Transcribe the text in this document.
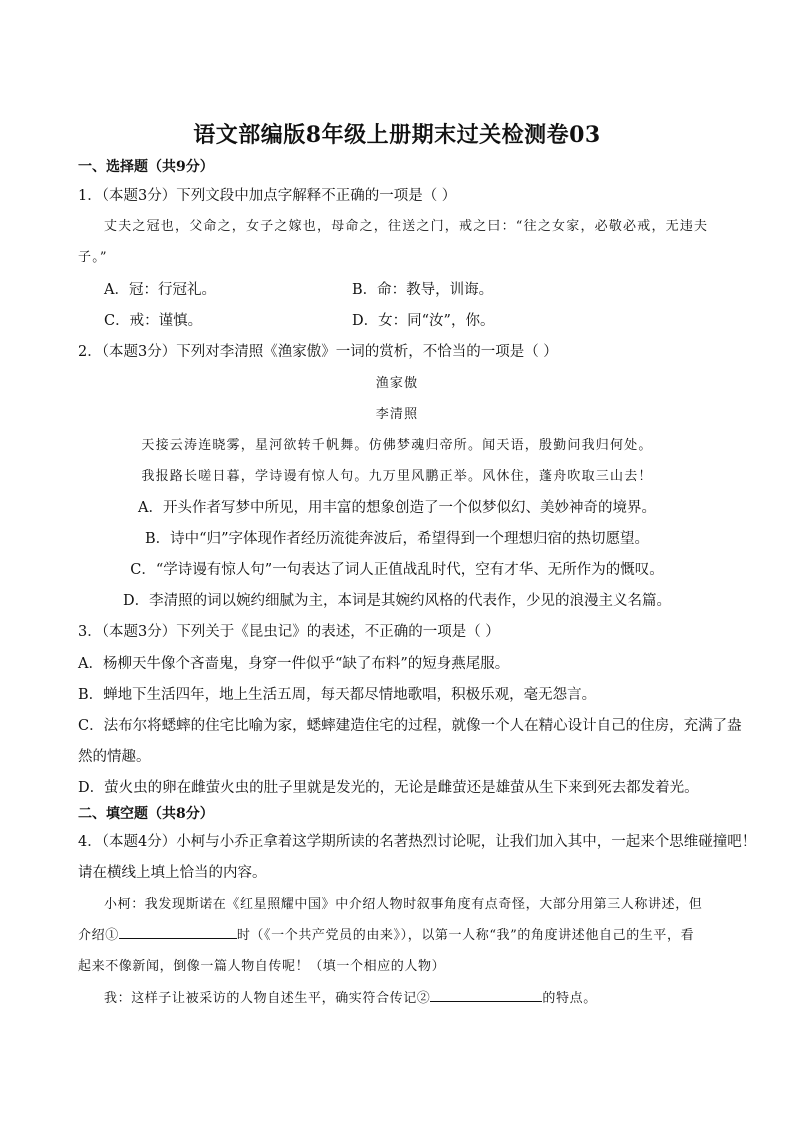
语文部编版8年级上册期末过关检测卷03
一、选择题（共9分）
1．（本题3分）下列文段中加点字解释不正确的一项是（ ）
丈夫之冠也，父命之，女子之嫁也，母命之，往送之门，戒之曰：“往之女家，必敬必戒，无违夫
子。”
A．冠：行冠礼。	B．命：教导，训诲。
C．戒：谨慎。	D．女：同“汝”，你。
2．（本题3分）下列对李清照《渔家傲》一词的赏析，不恰当的一项是（ ）
渔家傲
李清照
天接云涛连晓雾，星河欲转千帆舞。仿佛梦魂归帝所。闻天语，殷勤问我归何处。
我报路长嗟日暮，学诗谩有惊人句。九万里风鹏正举。风休住，蓬舟吹取三山去！
A．开头作者写梦中所见，用丰富的想象创造了一个似梦似幻、美妙神奇的境界。
B．诗中“归”字体现作者经历流徙奔波后，希望得到一个理想归宿的热切愿望。
C．“学诗谩有惊人句”一句表达了词人正值战乱时代，空有才华、无所作为的慨叹。
D．李清照的词以婉约细腻为主，本词是其婉约风格的代表作，少见的浪漫主义名篇。
3．（本题3分）下列关于《昆虫记》的表述，不正确的一项是（ ）
A．杨柳天牛像个吝啬鬼，身穿一件似乎“缺了布料”的短身燕尾服。
B．蝉地下生活四年，地上生活五周，每天都尽情地歌唱，积极乐观，毫无怨言。
C．法布尔将蟋蟀的住宅比喻为家，蟋蟀建造住宅的过程，就像一个人在精心设计自己的住房，充满了盎
然的情趣。
D．萤火虫的卵在雌萤火虫的肚子里就是发光的，无论是雌萤还是雄萤从生下来到死去都发着光。
二、填空题（共8分）
4．（本题4分）小柯与小乔正拿着这学期所读的名著热烈讨论呢，让我们加入其中，一起来个思维碰撞吧！
请在横线上填上恰当的内容。
小柯：我发现斯诺在《红星照耀中国》中介绍人物时叙事角度有点奇怪，大部分用第三人称讲述，但
介绍①	时（《一个共产党员的由来》），以第一人称“我”的角度讲述他自己的生平，看
起来不像新闻，倒像一篇人物自传呢！（填一个相应的人物）
我：这样子让被采访的人物自述生平，确实符合传记②	的特点。
